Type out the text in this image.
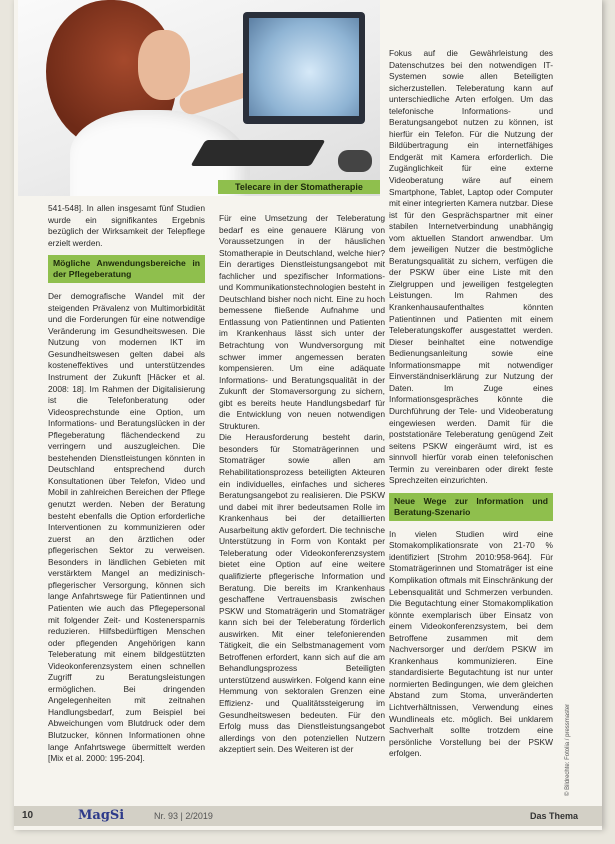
Telecare in der Stomatherapie

541-548]. In allen insgesamt fünf Studien wurde ein signifikantes Ergebnis bezüglich der Wirksamkeit der Telepflege erzielt werden.

Mögliche Anwendungsbereiche in der Pflegeberatung

Der demografische Wandel mit der steigenden Prävalenz von Multimorbidität und die Forderungen für eine notwendige Veränderung im Gesundheitswesen. Die Nutzung von modernen IKT im Gesundheitswesen gelten dabei als kosteneffektives und unterstützendes Instrument der Zukunft [Häcker et al. 2008: 18]. Im Rahmen der Digitalisierung ist die Telefonberatung oder Videosprechstunde eine Option, um Informations- und Beratungslücken in der Pflegeberatung flächendeckend zu verringern und auszugleichen. Die bestehenden Dienstleistungen könnten in Deutschland entsprechend durch Konsultationen über Telefon, Video und Mobil in zahlreichen Bereichen der Pflege genutzt werden. Neben der Beratung besteht ebenfalls die Option erforderliche Interventionen zu kommunizieren oder zuerst an den ärztlichen oder pflegerischen Sektor zu verweisen. Besonders in ländlichen Gebieten mit verstärktem Mangel an medizinisch-pflegerischer Versorgung, können sich lange Anfahrtswege für Patientinnen und Patienten wie auch das Pflegepersonal mit folgender Zeit- und Kostenersparnis reduzieren. Hilfsbedürftigen Menschen oder pflegenden Angehörigen kann Teleberatung mit einem bildgestützten Videokonferenzsystem einen schnellen Zugriff zu Beratungsleistungen ermöglichen. Bei dringenden Angelegenheiten mit zeitnahen Handlungsbedarf, zum Beispiel bei Abweichungen vom Blutdruck oder dem Blutzucker, können Informationen ohne lange Anfahrtswege übermittelt werden [Mix et al. 2000: 195-204].

Für eine Umsetzung der Teleberatung bedarf es eine genauere Klärung von Voraussetzungen in der häuslichen Stomatherapie in Deutschland, welche hier? Ein derartiges Dienstleistungsangebot mit fachlicher und spezifischer Informations- und Kommunikationstechnologien besteht in Deutschland bisher noch nicht. Eine zu hoch bemessene fließende Aufnahme und Entlassung von Patientinnen und Patienten im Krankenhaus lässt sich unter der Betrachtung von Wundversorgung mit schwer immer angemessen beraten kompensieren. Um eine adäquate Informations- und Beratungsqualität in der Zukunft der Stomaversorgung zu sichern, gibt es bereits heute Handlungsbedarf für die Entwicklung von neuen notwendigen Strukturen.

Die Herausforderung besteht darin, besonders für Stomaträgerinnen und Stomaträger sowie allen am Rehabilitationsprozess beteiligten Akteuren ein individuelles, einfaches und sicheres Beratungsangebot zu realisieren. Die PSKW und dabei mit ihrer bedeutsamen Rolle im Krankenhaus bei der detaillierten Ausarbeitung aktiv gefordert. Die technische Unterstützung in Form von Kontakt per Teleberatung oder Videokonferenzsystem bietet eine Option auf eine weitere qualifizierte pflegerische Information und Beratung. Die bereits im Krankenhaus geschaffene Vertrauensbasis zwischen PSKW und Stomaträgerin und Stomaträger kann sich bei der Teleberatung förderlich auswirken. Mit einer telefonierenden Tätigkeit, die ein Selbstmanagement vom Betroffenen erfordert, kann sich auf die am Behandlungsprozess Beteiligten unterstützend auswirken. Folgend kann eine Hemmung von sektoralen Grenzen eine Effizienz- und Qualitätssteigerung im Gesundheitswesen bedeuten. Für den Erfolg muss das Dienstleistungsangebot allerdings von den potenziellen Nutzern akzeptiert sein. Des Weiteren ist der

Fokus auf die Gewährleistung des Datenschutzes bei den notwendigen IT-Systemen sowie allen Beteiligten sicherzustellen. Teleberatung kann auf unterschiedliche Arten erfolgen. Um das telefonische Informations- und Beratungsangebot nutzen zu können, ist hierfür ein Telefon. Für die Nutzung der Bildübertragung ein internetfähiges Endgerät mit Kamera erforderlich. Die Zugänglichkeit für eine externe Videoberatung wäre auf einem Smartphone, Tablet, Laptop oder Computer mit einer integrierten Kamera nutzbar. Diese ist für den Gesprächspartner mit einer stabilen Internetverbindung unabhängig vom aktuellen Standort anwendbar. Um dem jeweiligen Nutzer die bestmögliche Beratungsqualität zu sichern, verfügen die der PSKW über eine Liste mit den Zielgruppen und jeweiligen festgelegten Leistungen. Im Rahmen des Krankenhausaufenthaltes könnten Patientinnen und Patienten mit einem Teleberatungskoffer ausgestattet werden. Dieser beinhaltet eine notwendige Bedienungsanleitung sowie eine Informationsmappe mit notwendiger Einverständniserklärung zur Nutzung der Daten. Im Zuge eines Informationsgespräches könnte die Durchführung der Tele- und Videoberatung eingewiesen werden. Damit für die poststationäre Teleberatung genügend Zeit seitens PSKW eingeräumt wird, ist es sinnvoll hierfür vorab einen telefonischen Termin zu vereinbaren oder direkt feste Sprechzeiten einzurichten.

Neue Wege zur Information und Beratung-Szenario

In vielen Studien wird eine Stomakomplikationsrate von 21-70 % identifiziert [Strohm 2010:958-964]. Für Stomaträgerinnen und Stomaträger ist eine Komplikation oftmals mit Einschränkung der Lebensqualität und Schmerzen verbunden. Die Begutachtung einer Stomakomplikation könnte exemplarisch über Einsatz von einem Videokonferenzsystem, bei dem Betroffene zusammen mit dem Nachversorger und der/dem PSKW im Krankenhaus kommunizieren. Eine standardisierte Begutachtung ist nur unter normierten Bedingungen, wie dem gleichen Abstand zum Stoma, unveränderten Lichtverhältnissen, Verwendung eines Wundlineals etc. möglich. Bei unklarem Sachverhalt sollte trotzdem eine persönliche Vorstellung bei der PSKW erfolgen.	© Bildrechte: Fotolia / pressmaster
10	MagSi	Nr. 93 | 2/2019	Das Thema
